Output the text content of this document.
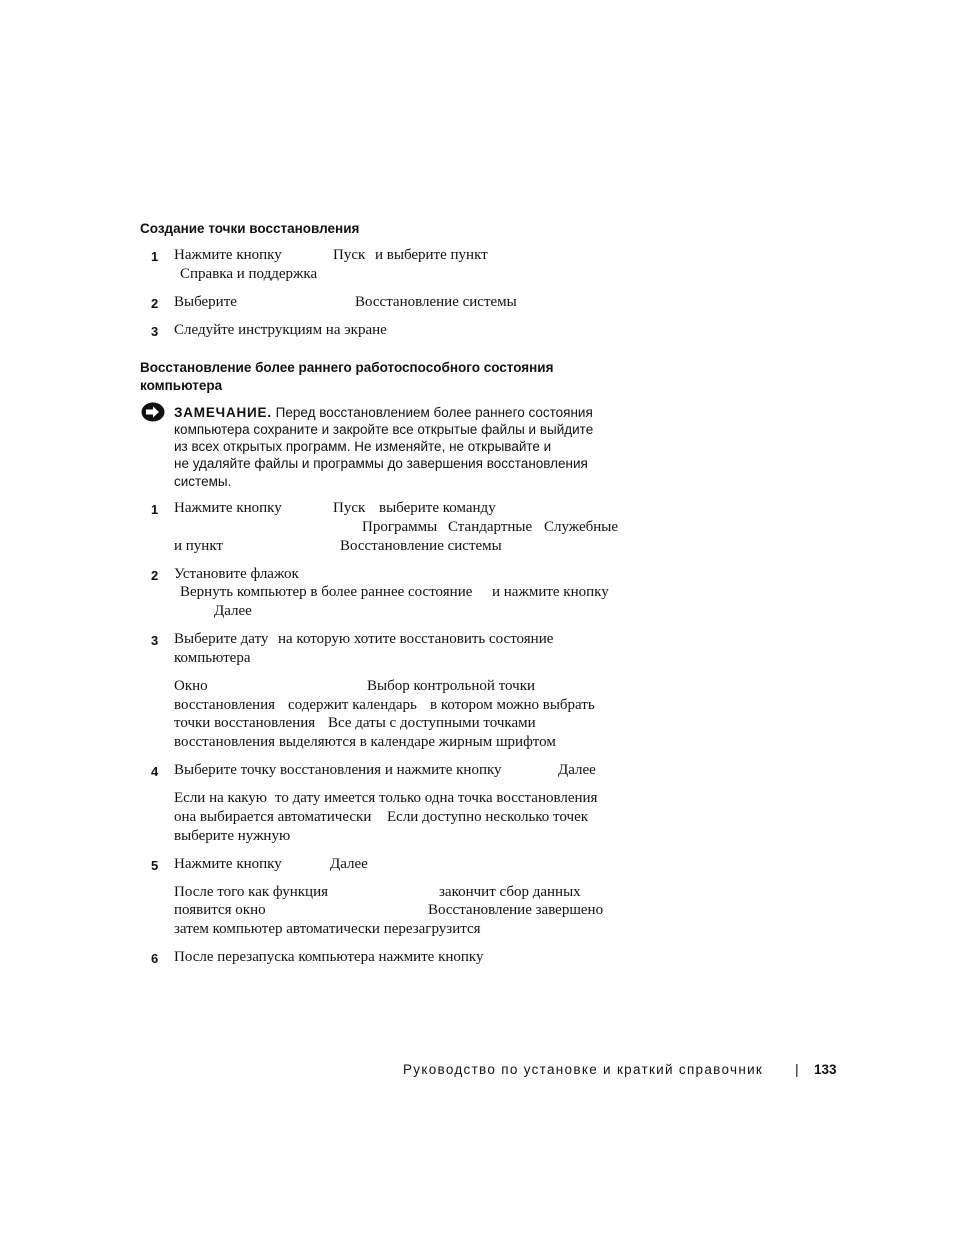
Создание точки восстановления
1 Нажмите кнопку	Пуск и выберите пункт
Справка и поддержка
2 Выберите	Восстановление системы
3 Следуйте инструкциям на экране
Восстановление более раннего работоспособного состояния
компьютера
ЗАМЕЧАНИЕ. Перед восстановлением более раннего состояния
компьютера сохраните и закройте все открытые файлы и выйдите
из всех открытых программ. Не изменяйте, не открывайте и
не удаляйте файлы и программы до завершения восстановления
системы.
1 Нажмите кнопку	Пуск выберите команду
Программы Стандартные Служебные
и пункт	Восстановление системы
2 Установите флажок
Вернуть компьютер в более раннее состояние и нажмите кнопку
Далее
3 Выберите дату на которую хотите восстановить состояние
компьютера
Окно	Выбор контрольной точки
восстановления содержит календарь в котором можно выбрать
точки восстановления Все даты с доступными точками
восстановления выделяются в календаре жирным шрифтом
4 Выберите точку восстановления и нажмите кнопку	Далее
Если на какую то дату имеется только одна точка восстановления
она выбирается автоматически Если доступно несколько точек
выберите нужную
5 Нажмите кнопку	Далее
После того как функция	закончит сбор данных
появится окно	Восстановление завершено
затем компьютер автоматически перезагрузится
6 После перезапуска компьютера нажмите кнопку
Руководство по установке и краткий справочник | 133
